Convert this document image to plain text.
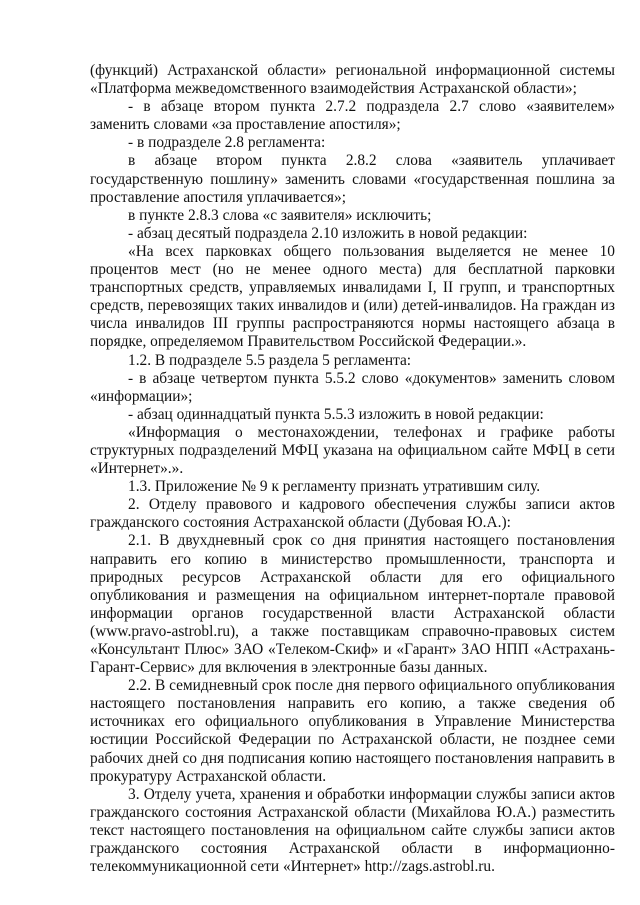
(функций) Астраханской области» региональной информационной системы «Платформа межведомственного взаимодействия Астраханской области»;

- в абзаце втором пункта 2.7.2 подраздела 2.7 слово «заявителем» заменить словами «за проставление апостиля»;

- в подразделе 2.8 регламента:

в абзаце втором пункта 2.8.2 слова «заявитель уплачивает государственную пошлину» заменить словами «государственная пошлина за проставление апостиля уплачивается»;

в пункте 2.8.3 слова «с заявителя» исключить;

- абзац десятый подраздела 2.10 изложить в новой редакции:

«На всех парковках общего пользования выделяется не менее 10 процентов мест (но не менее одного места) для бесплатной парковки транспортных средств, управляемых инвалидами I, II групп, и транспортных средств, перевозящих таких инвалидов и (или) детей-инвалидов. На граждан из числа инвалидов III группы распространяются нормы настоящего абзаца в порядке, определяемом Правительством Российской Федерации.».

1.2. В подразделе 5.5 раздела 5 регламента:

- в абзаце четвертом пункта 5.5.2 слово «документов» заменить словом «информации»;

- абзац одиннадцатый пункта 5.5.3 изложить в новой редакции:

«Информация о местонахождении, телефонах и графике работы структурных подразделений МФЦ указана на официальном сайте МФЦ в сети «Интернет».».

1.3. Приложение № 9 к регламенту признать утратившим силу.

2. Отделу правового и кадрового обеспечения службы записи актов гражданского состояния Астраханской области (Дубовая Ю.А.):

2.1. В двухдневный срок со дня принятия настоящего постановления направить его копию в министерство промышленности, транспорта и природных ресурсов Астраханской области для его официального опубликования и размещения на официальном интернет-портале правовой информации органов государственной власти Астраханской области (www.pravo-astrobl.ru), а также поставщикам справочно-правовых систем «Консультант Плюс» ЗАО «Телеком-Скиф» и «Гарант» ЗАО НПП «Астрахань-Гарант-Сервис» для включения в электронные базы данных.

2.2. В семидневный срок после дня первого официального опубликования настоящего постановления направить его копию, а также сведения об источниках его официального опубликования в Управление Министерства юстиции Российской Федерации по Астраханской области, не позднее семи рабочих дней со дня подписания копию настоящего постановления направить в прокуратуру Астраханской области.

3. Отделу учета, хранения и обработки информации службы записи актов гражданского состояния Астраханской области (Михайлова Ю.А.) разместить текст настоящего постановления на официальном сайте службы записи актов гражданского состояния Астраханской области в информационно-телекоммуникационной сети «Интернет» http://zags.astrobl.ru.
